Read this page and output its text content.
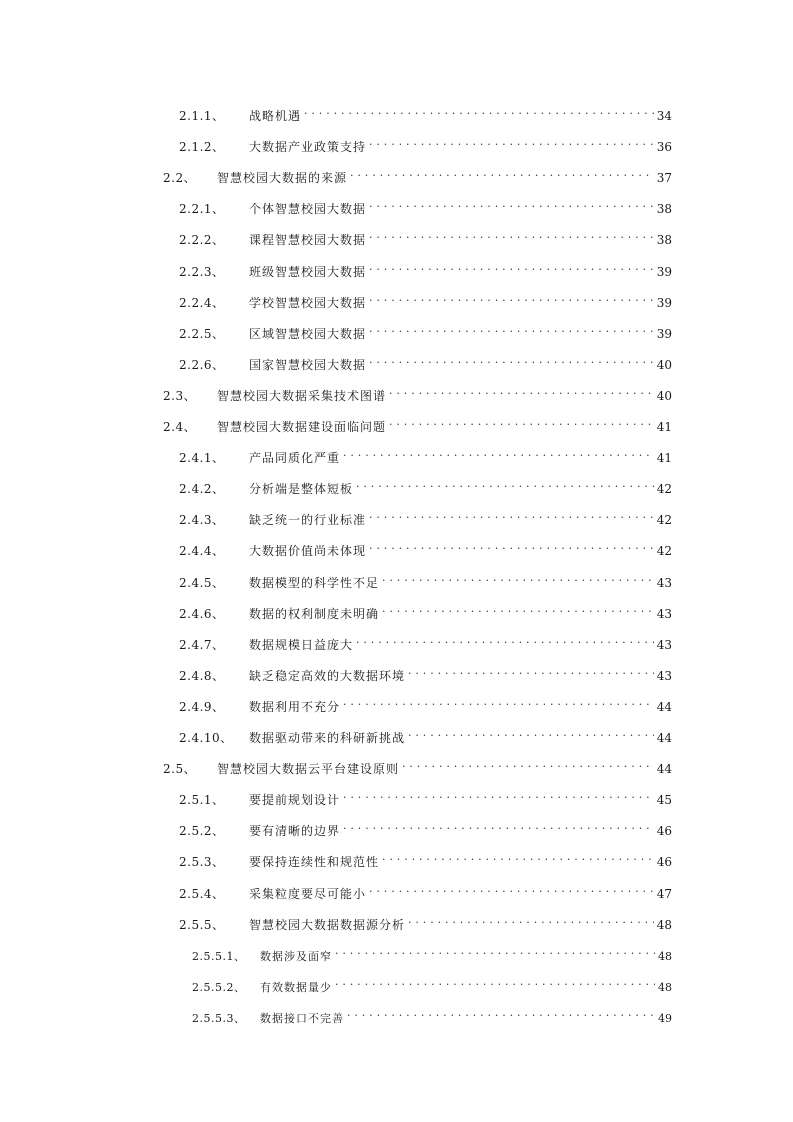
2.1.1、	战略机遇 . . .	34
2.1.2、	大数据产业政策支持 . . .	36
2.2、	智慧校园大数据的来源 . . .	37
2.2.1、	个体智慧校园大数据 . . .	38
2.2.2、	课程智慧校园大数据 . . .	38
2.2.3、	班级智慧校园大数据 . . .	39
2.2.4、	学校智慧校园大数据 . . .	39
2.2.5、	区域智慧校园大数据 . . .	39
2.2.6、	国家智慧校园大数据 . . .	40
2.3、	智慧校园大数据采集技术图谱 . . .	40
2.4、	智慧校园大数据建设面临问题 . . .	41
2.4.1、	产品同质化严重 . . .	41
2.4.2、	分析端是整体短板 . . .	42
2.4.3、	缺乏统一的行业标准 . . .	42
2.4.4、	大数据价值尚未体现 . . .	42
2.4.5、	数据模型的科学性不足 . . .	43
2.4.6、	数据的权利制度未明确 . . .	43
2.4.7、	数据规模日益庞大 . . .	43
2.4.8、	缺乏稳定高效的大数据环境 . . .	43
2.4.9、	数据利用不充分 . . .	44
2.4.10、	数据驱动带来的科研新挑战 . . .	44
2.5、	智慧校园大数据云平台建设原则 . . .	44
2.5.1、	要提前规划设计 . . .	45
2.5.2、	要有清晰的边界 . . .	46
2.5.3、	要保持连续性和规范性 . . .	46
2.5.4、	采集粒度要尽可能小 . . .	47
2.5.5、	智慧校园大数据数据源分析 . . .	48
2.5.5.1、	数据涉及面窄 . . .	48
2.5.5.2、	有效数据量少 . . .	48
2.5.5.3、	数据接口不完善 . . .	49
